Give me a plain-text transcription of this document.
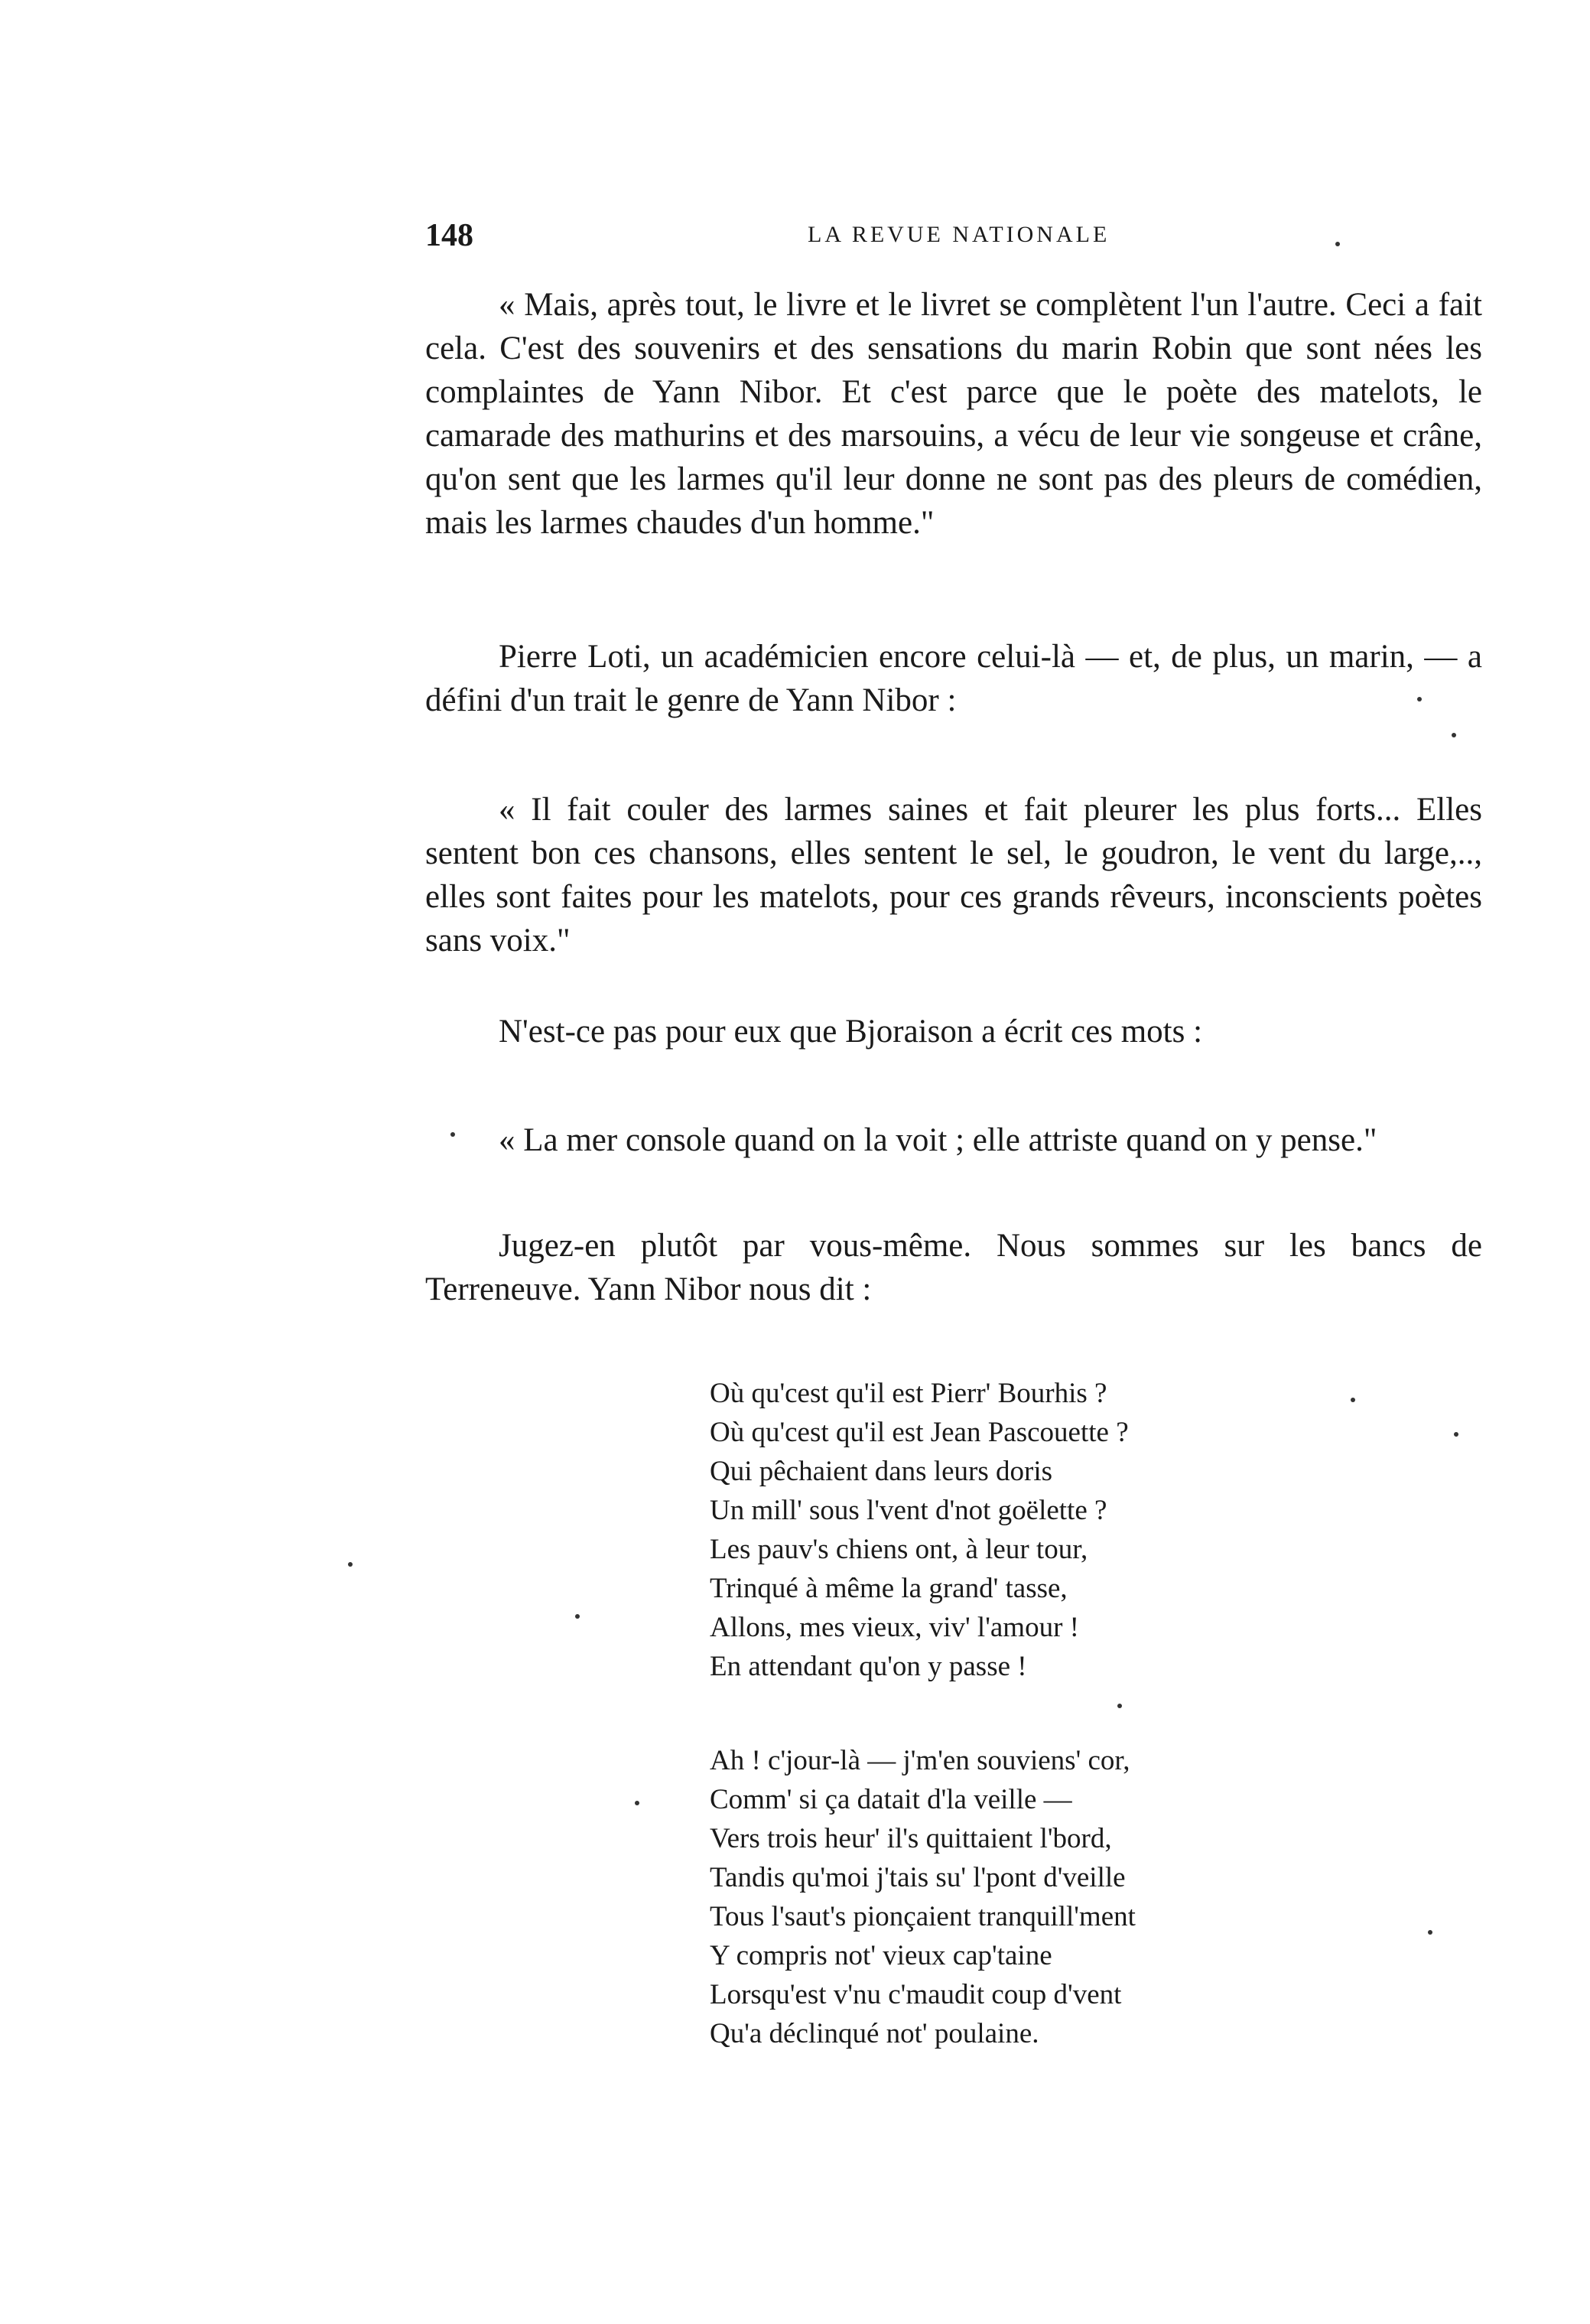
148	LA REVUE NATIONALE

« Mais, après tout, le livre et le livret se complètent l'un l'autre. Ceci a fait cela. C'est des souvenirs et des sensations du marin Robin que sont nées les complaintes de Yann Nibor. Et c'est parce que le poète des matelots, le camarade des mathurins et des marsouins, a vécu de leur vie songeuse et crâne, qu'on sent que les larmes qu'il leur donne ne sont pas des pleurs de comédien, mais les larmes chaudes d'un homme."

Pierre Loti, un académicien encore celui-là — et, de plus, un marin, — a défini d'un trait le genre de Yann Nibor :

« Il fait couler des larmes saines et fait pleurer les plus forts... Elles sentent bon ces chansons, elles sentent le sel, le goudron, le vent du large,.., elles sont faites pour les matelots, pour ces grands rêveurs, inconscients poètes sans voix."

N'est-ce pas pour eux que Bjoraison a écrit ces mots :

« La mer console quand on la voit ; elle attriste quand on y pense."

Jugez-en plutôt par vous-même. Nous sommes sur les bancs de Terreneuve. Yann Nibor nous dit :

Où qu'cest qu'il est Pierr' Bourhis ?
Où qu'cest qu'il est Jean Pascouette ?
Qui pêchaient dans leurs doris
Un mill' sous l'vent d'not goëlette ?
Les pauv's chiens ont, à leur tour,
Trinqué à même la grand' tasse,
Allons, mes vieux, viv' l'amour !
En attendant qu'on y passe !
Ah ! c'jour-là — j'm'en souviens' cor,
Comm' si ça datait d'la veille —
Vers trois heur' il's quittaient l'bord,
Tandis qu'moi j'tais su' l'pont d'veille
Tous l'saut's pionçaient tranquill'ment
Y compris not' vieux cap'taine
Lorsqu'est v'nu c'maudit coup d'vent
Qu'a déclinqué not' poulaine.
